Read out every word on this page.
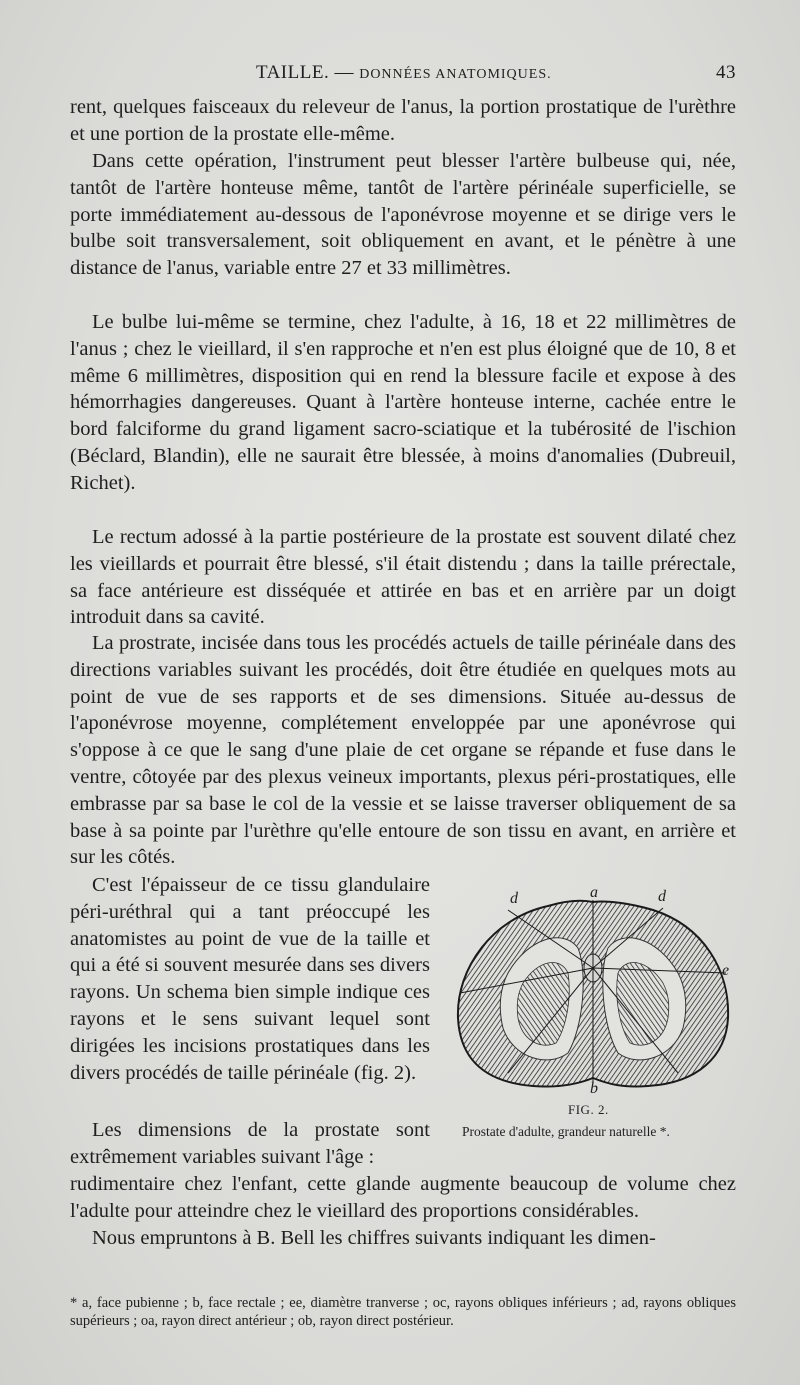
TAILLE. — DONNÉES ANATOMIQUES.	43

rent, quelques faisceaux du releveur de l'anus, la portion prostatique de l'urèthre et une portion de la prostate elle-même.

Dans cette opération, l'instrument peut blesser l'artère bulbeuse qui, née, tantôt de l'artère honteuse même, tantôt de l'artère périnéale superficielle, se porte immédiatement au-dessous de l'aponévrose moyenne et se dirige vers le bulbe soit transversalement, soit obliquement en avant, et le pénètre à une distance de l'anus, variable entre 27 et 33 millimètres.

Le bulbe lui-même se termine, chez l'adulte, à 16, 18 et 22 millimètres de l'anus ; chez le vieillard, il s'en rapproche et n'en est plus éloigné que de 10, 8 et même 6 millimètres, disposition qui en rend la blessure facile et expose à des hémorrhagies dangereuses. Quant à l'artère honteuse interne, cachée entre le bord falciforme du grand ligament sacro-sciatique et la tubérosité de l'ischion (Béclard, Blandin), elle ne saurait être blessée, à moins d'anomalies (Dubreuil, Richet).

Le rectum adossé à la partie postérieure de la prostate est souvent dilaté chez les vieillards et pourrait être blessé, s'il était distendu ; dans la taille prérectale, sa face antérieure est disséquée et attirée en bas et en arrière par un doigt introduit dans sa cavité.

La prostrate, incisée dans tous les procédés actuels de taille périnéale dans des directions variables suivant les procédés, doit être étudiée en quelques mots au point de vue de ses rapports et de ses dimensions. Située au-dessus de l'aponévrose moyenne, complétement enveloppée par une aponévrose qui s'oppose à ce que le sang d'une plaie de cet organe se répande et fuse dans le ventre, côtoyée par des plexus veineux importants, plexus péri-prostatiques, elle embrasse par sa base le col de la vessie et se laisse traverser obliquement de sa base à sa pointe par l'urèthre qu'elle entoure de son tissu en avant, en arrière et sur les côtés.

C'est l'épaisseur de ce tissu glandulaire péri-uréthral qui a tant préoccupé les anatomistes au point de vue de la taille et qui a été si souvent mesurée dans ses divers rayons. Un schema bien simple indique ces rayons et le sens suivant lequel sont dirigées les incisions prostatiques dans les divers procédés de taille périnéale (fig. 2).

Les dimensions de la prostate sont extrêmement variables suivant l'âge :

rudimentaire chez l'enfant, cette glande augmente beaucoup de volume chez l'adulte pour atteindre chez le vieillard des proportions considérables.

Nous empruntons à B. Bell les chiffres suivants indiquant les dimen-

d	a	d
e
b
FIG. 2.
Prostate d'adulte, grandeur naturelle *.

* a, face pubienne ; b, face rectale ; ee, diamètre tranverse ; oc, rayons obliques inférieurs ; ad, rayons obliques supérieurs ; oa, rayon direct antérieur ; ob, rayon direct postérieur.
